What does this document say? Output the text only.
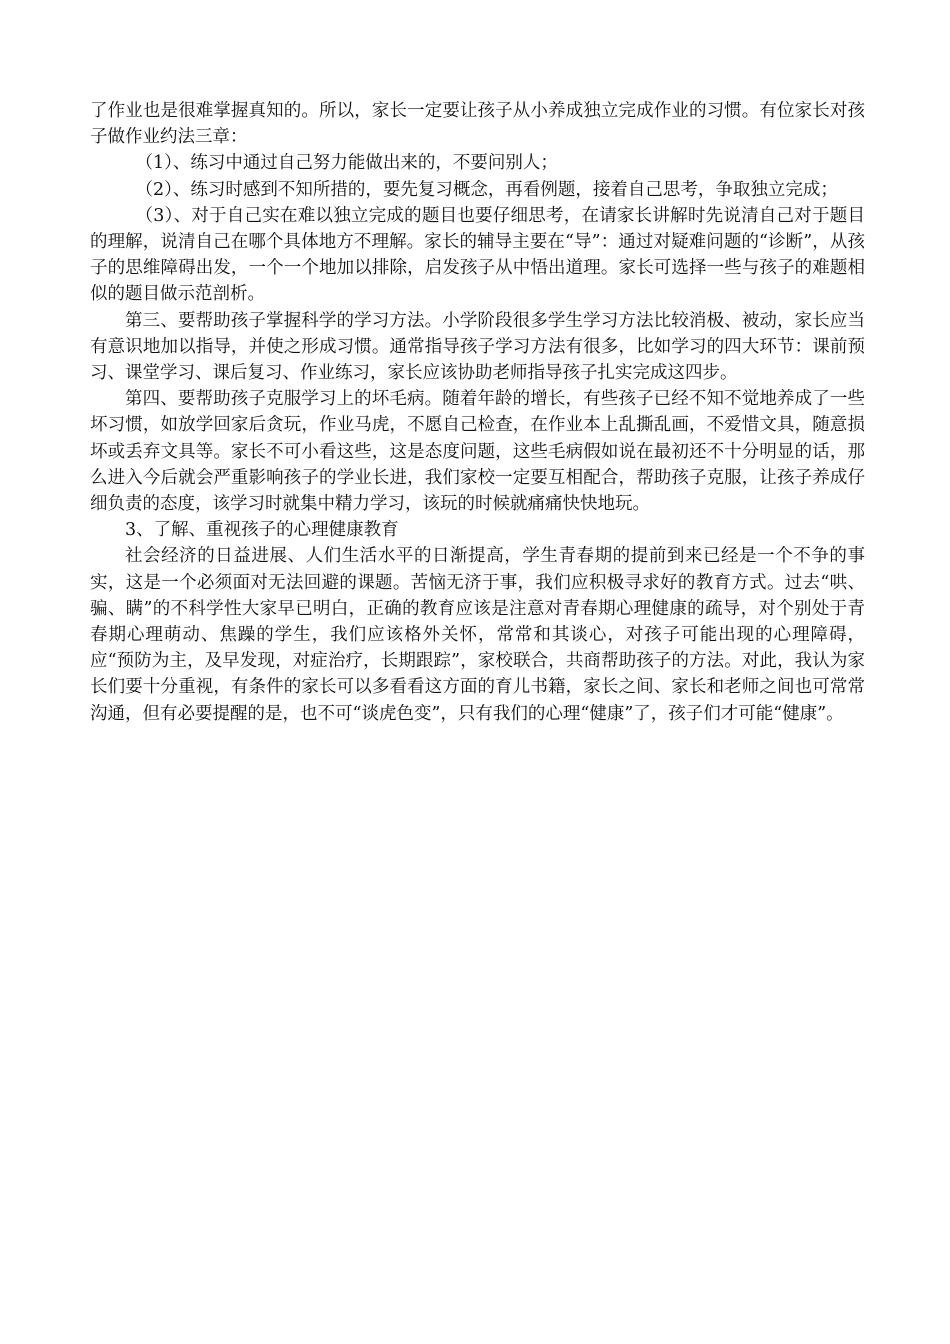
了作业也是很难掌握真知的。所以，家长一定要让孩子从小养成独立完成作业的习惯。有位家长对孩子做作业约法三章：

（1）、练习中通过自己努力能做出来的，不要问别人；

（2）、练习时感到不知所措的，要先复习概念，再看例题，接着自己思考，争取独立完成；

（3）、对于自己实在难以独立完成的题目也要仔细思考，在请家长讲解时先说清自己对于题目的理解，说清自己在哪个具体地方不理解。家长的辅导主要在“导”：通过对疑难问题的“诊断”，从孩子的思维障碍出发，一个一个地加以排除，启发孩子从中悟出道理。家长可选择一些与孩子的难题相似的题目做示范剖析。

第三、要帮助孩子掌握科学的学习方法。小学阶段很多学生学习方法比较消极、被动，家长应当有意识地加以指导，并使之形成习惯。通常指导孩子学习方法有很多，比如学习的四大环节：课前预习、课堂学习、课后复习、作业练习，家长应该协助老师指导孩子扎实完成这四步。

第四、要帮助孩子克服学习上的坏毛病。随着年龄的增长，有些孩子已经不知不觉地养成了一些坏习惯，如放学回家后贪玩，作业马虎，不愿自己检查，在作业本上乱撕乱画，不爱惜文具，随意损坏或丢弃文具等。家长不可小看这些，这是态度问题，这些毛病假如说在最初还不十分明显的话，那么进入今后就会严重影响孩子的学业长进，我们家校一定要互相配合，帮助孩子克服，让孩子养成仔细负责的态度，该学习时就集中精力学习，该玩的时候就痛痛快快地玩。

3、了解、重视孩子的心理健康教育

社会经济的日益进展、人们生活水平的日渐提高，学生青春期的提前到来已经是一个不争的事实，这是一个必须面对无法回避的课题。苦恼无济于事，我们应积极寻求好的教育方式。过去“哄、骗、瞒”的不科学性大家早已明白，正确的教育应该是注意对青春期心理健康的疏导，对个别处于青春期心理萌动、焦躁的学生，我们应该格外关怀，常常和其谈心，对孩子可能出现的心理障碍，应“预防为主，及早发现，对症治疗，长期跟踪”，家校联合，共商帮助孩子的方法。对此，我认为家长们要十分重视，有条件的家长可以多看看这方面的育儿书籍，家长之间、家长和老师之间也可常常沟通，但有必要提醒的是，也不可“谈虎色变”，只有我们的心理“健康”了，孩子们才可能“健康”。
